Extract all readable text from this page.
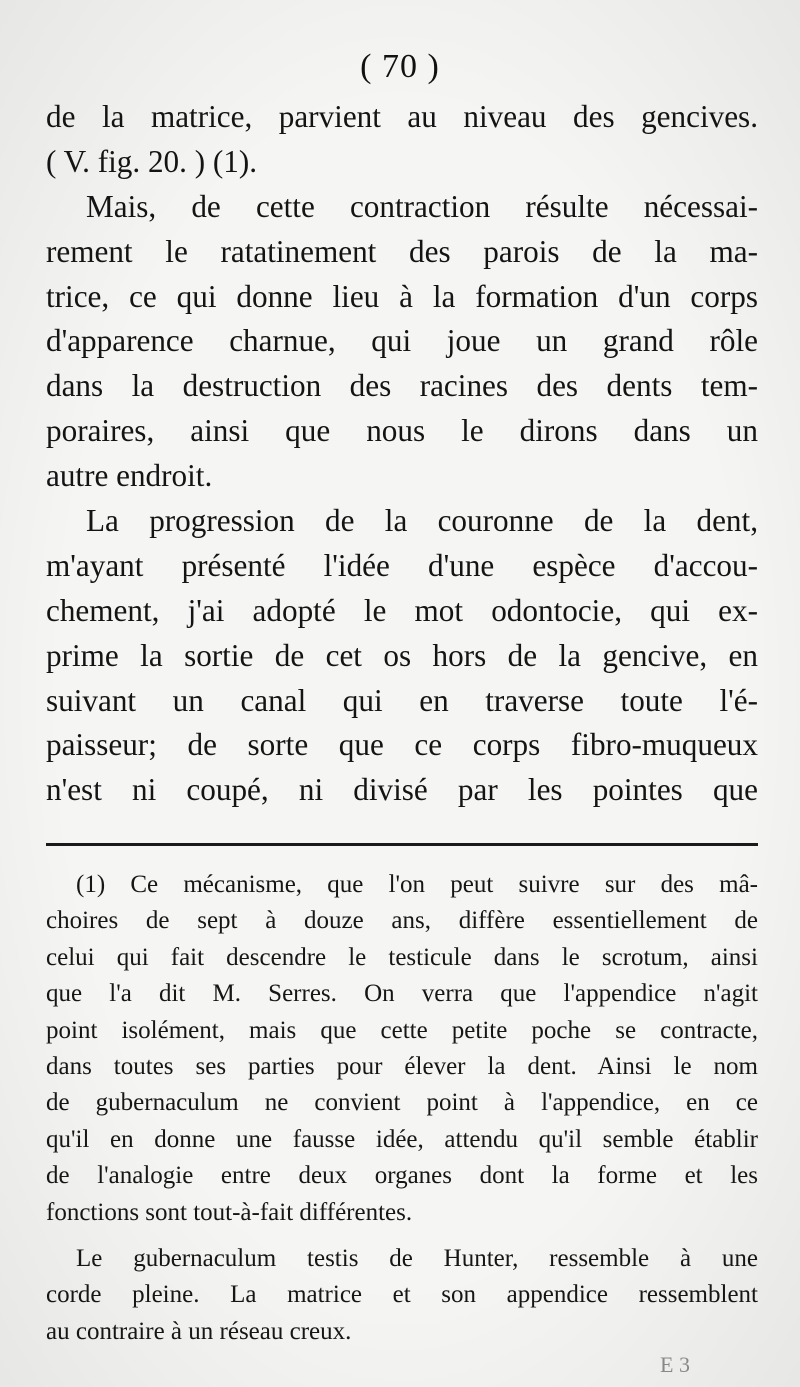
( 70 )
de la matrice, parvient au niveau des gencives.
( V. fig. 20. ) (1).
Mais, de cette contraction résulte nécessai-
rement le ratatinement des parois de la ma-
trice, ce qui donne lieu à la formation d'un corps
d'apparence charnue, qui joue un grand rôle
dans la destruction des racines des dents tem-
poraires, ainsi que nous le dirons dans un
autre endroit.
La progression de la couronne de la dent,
m'ayant présenté l'idée d'une espèce d'accou-
chement, j'ai adopté le mot odontocie, qui ex-
prime la sortie de cet os hors de la gencive, en
suivant un canal qui en traverse toute l'é-
paisseur; de sorte que ce corps fibro-muqueux
n'est ni coupé, ni divisé par les pointes que
(1) Ce mécanisme, que l'on peut suivre sur des mâ-
choires de sept à douze ans, diffère essentiellement de
celui qui fait descendre le testicule dans le scrotum, ainsi
que l'a dit M. Serres. On verra que l'appendice n'agit
point isolément, mais que cette petite poche se contracte,
dans toutes ses parties pour élever la dent. Ainsi le nom
de gubernaculum ne convient point à l'appendice, en ce
qu'il en donne une fausse idée, attendu qu'il semble établir
de l'analogie entre deux organes dont la forme et les
fonctions sont tout-à-fait différentes.
Le gubernaculum testis de Hunter, ressemble à une
corde pleine. La matrice et son appendice ressemblent
au contraire à un réseau creux.
E 3
